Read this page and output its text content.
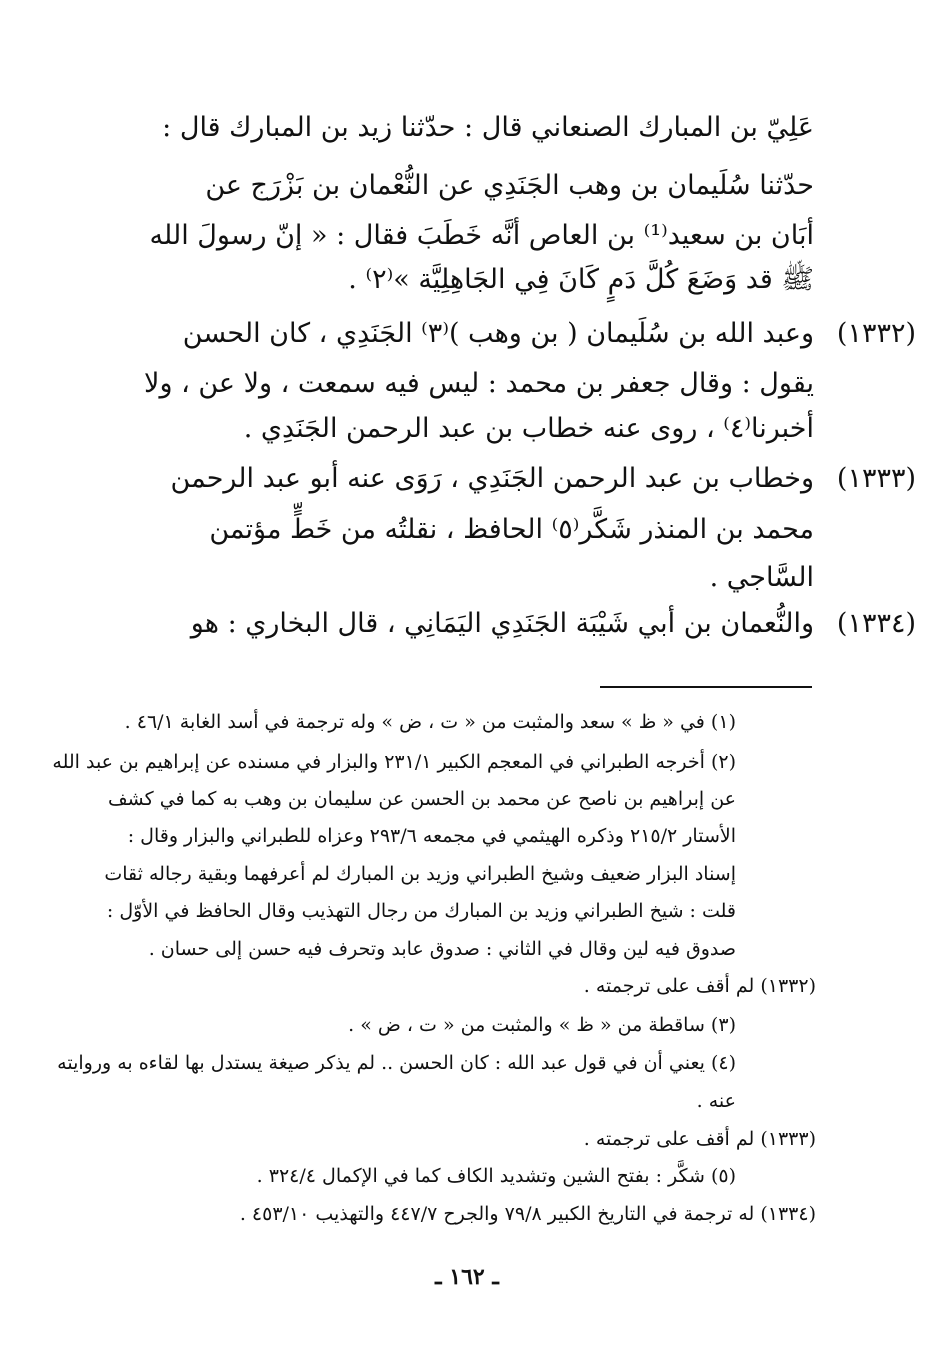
عَلِيّ بن المبارك الصنعاني قال : حدّثنا زيد بن المبارك قال :
حدّثنا سُلَيمان بن وهب الجَنَدِي عن النُّعْمان بن بَزْرَج عن
أبَان بن سعيد⁽¹⁾ بن العاص أنَّه خَطَبَ فقال : « إنّ رسولَ الله
ﷺ قد وَضَعَ كُلَّ دَمٍ كَانَ فِي الجَاهِلِيَّة »⁽٢⁾ .
(١٣٣٢)
وعبد الله بن سُلَيمان ( بن وهب )⁽٣⁾ الجَنَدِي ، كان الحسن
يقول : وقال جعفر بن محمد : ليس فيه سمعت ، ولا عن ، ولا
أخبرنا⁽٤⁾ ، روى عنه خطاب بن عبد الرحمن الجَنَدِي .
(١٣٣٣)
وخطاب بن عبد الرحمن الجَنَدِي ، رَوَى عنه أبو عبد الرحمن
محمد بن المنذر شَكَّر⁽٥⁾ الحافظ ، نقلتُه من خَطٍّ مؤتمن
السَّاجي .
(١٣٣٤)
والنُّعمان بن أبي شَيْبَة الجَنَدِي اليَمَانِي ، قال البخاري : هو
(١) في « ظ » سعد والمثبت من « ت ، ض » وله ترجمة في أسد الغابة ٤٦/١ .
(٢) أخرجه الطبراني في المعجم الكبير ٢٣١/١ والبزار في مسنده عن إبراهيم بن عبد الله
عن إبراهيم بن ناصح عن محمد بن الحسن عن سليمان بن وهب به كما في كشف
الأستار ٢١٥/٢ وذكره الهيثمي في مجمعه ٢٩٣/٦ وعزاه للطبراني والبزار وقال :
إسناد البزار ضعيف وشيخ الطبراني وزيد بن المبارك لم أعرفهما وبقية رجاله ثقات
قلت : شيخ الطبراني وزيد بن المبارك من رجال التهذيب وقال الحافظ في الأوّل :
صدوق فيه لين وقال في الثاني : صدوق عابد وتحرف فيه حسن إلى حسان .
(١٣٣٢) لم أقف على ترجمته .
(٣) ساقطة من « ظ » والمثبت من « ت ، ض » .
(٤) يعني أن في قول عبد الله : كان الحسن .. لم يذكر صيغة يستدل بها لقاءه به وروايته
عنه .
(١٣٣٣) لم أقف على ترجمته .
(٥) شكَّر : بفتح الشين وتشديد الكاف كما في الإكمال ٣٢٤/٤ .
(١٣٣٤) له ترجمة في التاريخ الكبير ٧٩/٨ والجرح ٤٤٧/٧ والتهذيب ٤٥٣/١٠ .
ـ ١٦٢ ـ
